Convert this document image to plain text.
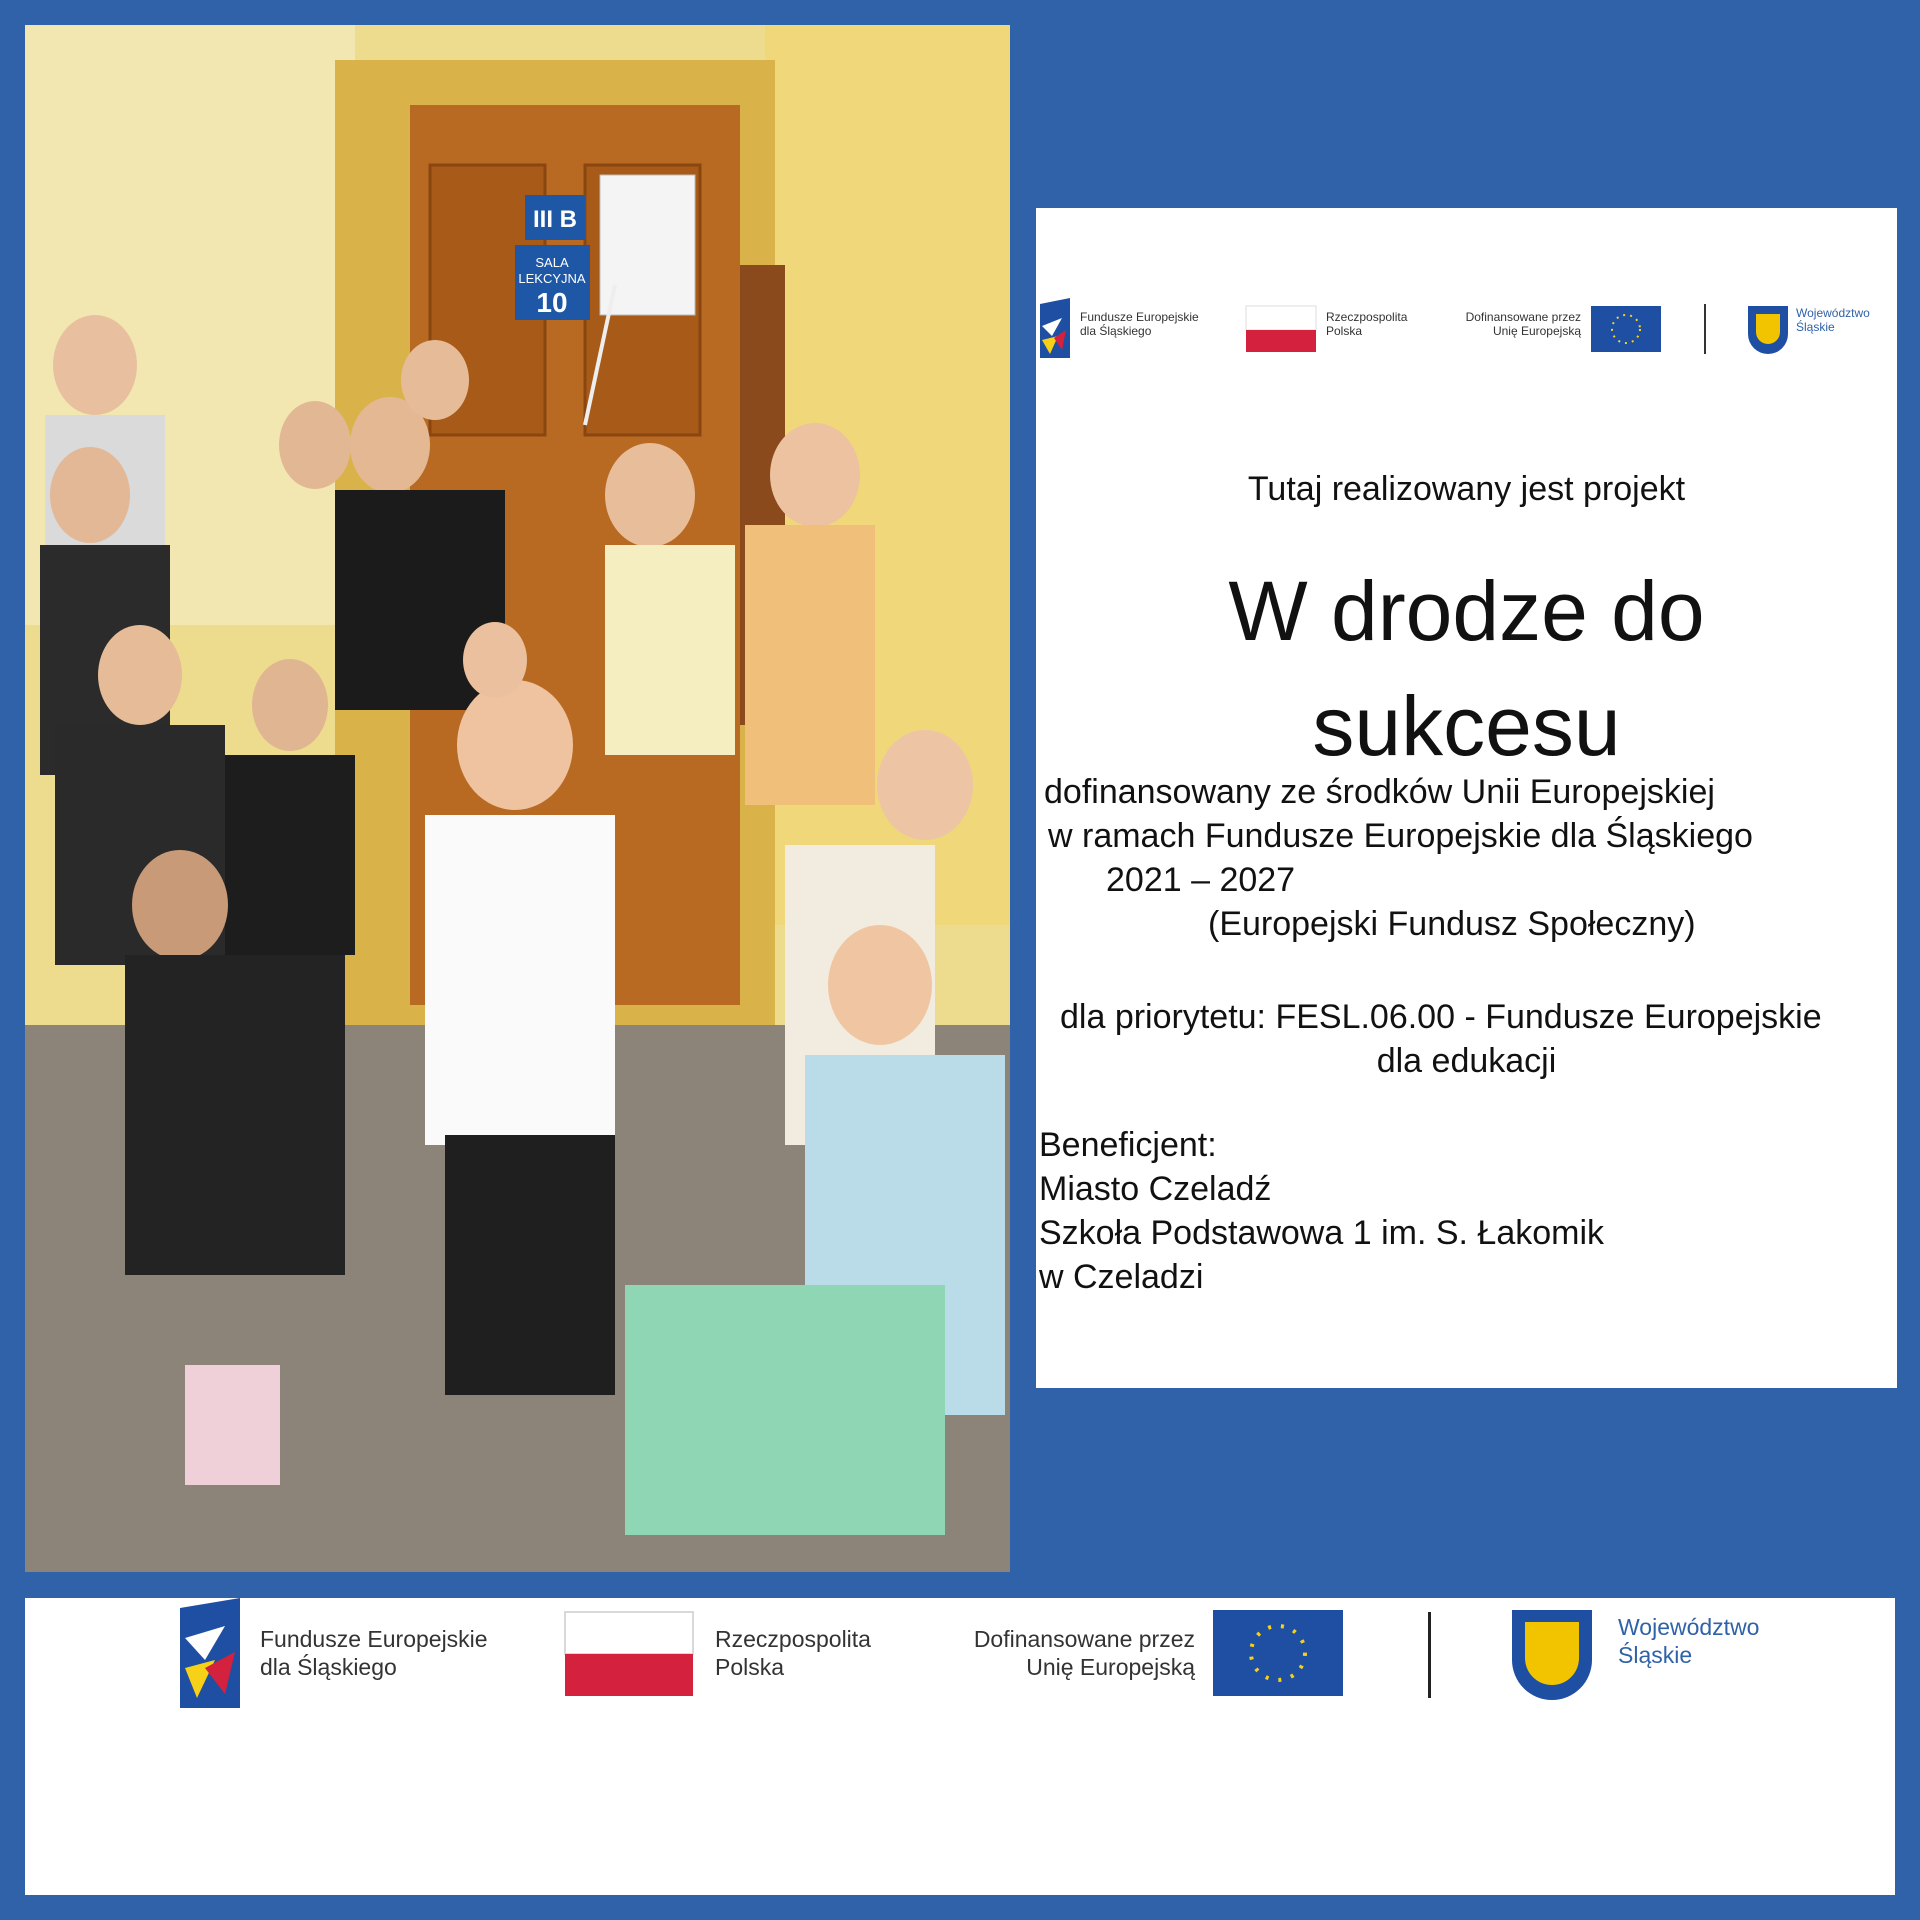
III B
SALA
LEKCYJNA
10	Fundusze Europejskie
dla Śląskiego
Rzeczpospolita
Polska
Dofinansowane przez
Unię Europejską
Województwo
Śląskie
Tutaj realizowany jest projekt
W drodze do
sukcesu
dofinansowany ze środków Unii Europejskiej
w ramach Fundusze Europejskie dla Śląskiego
2021 – 2027
(Europejski Fundusz Społeczny)
dla priorytetu: FESL.06.00 - Fundusze Europejskie
dla edukacji
Beneficjent:
Miasto Czeladź
Szkoła Podstawowa 1 im. S. Łakomik
w Czeladzi
Fundusze Europejskie
dla Śląskiego
Rzeczpospolita
Polska
Dofinansowane przez
Unię Europejską
Województwo
Śląskie
